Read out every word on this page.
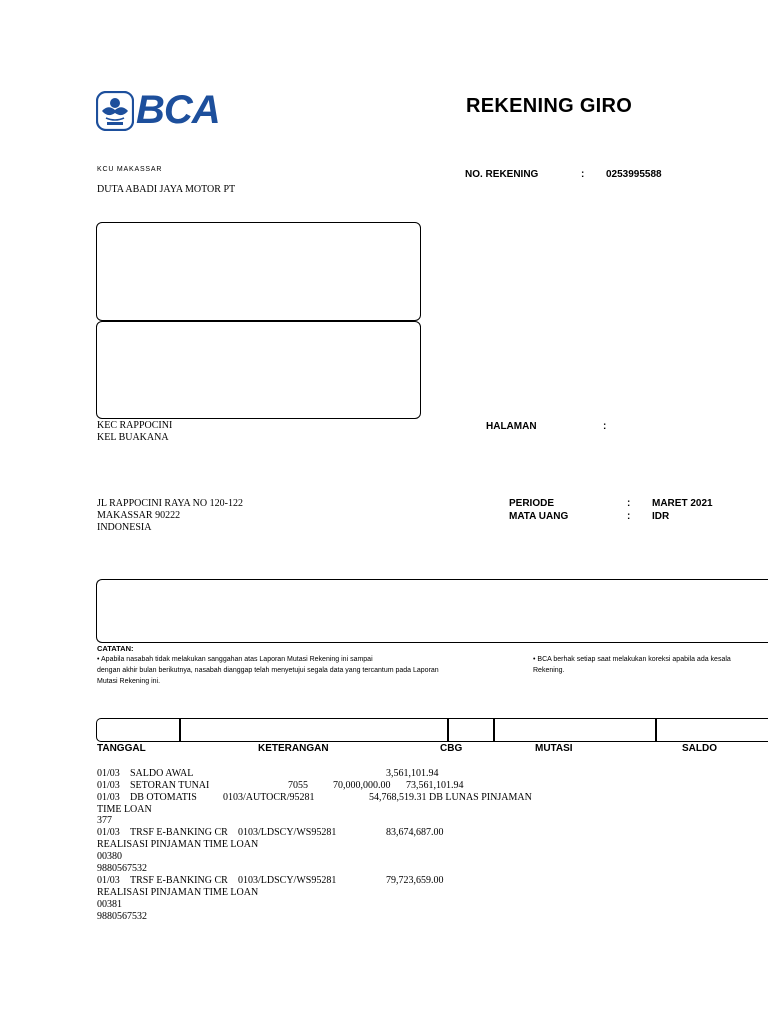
BCA	REKENING GIRO
KCU MAKASSAR
DUTA ABADI JAYA MOTOR PT
NO. REKENING	: 0253995588
KEC RAPPOCINI
KEL BUAKANA
HALAMAN	:
JL RAPPOCINI RAYA NO 120-122
MAKASSAR 90222
INDONESIA
PERIODE	: MARET 2021
MATA UANG	: IDR
CATATAN:
• Apabila nasabah tidak melakukan sanggahan atas Laporan Mutasi Rekening ini sampai
dengan akhir bulan berikutnya, nasabah dianggap telah menyetujui segala data yang tercantum pada Laporan
Mutasi Rekening ini.
• BCA berhak setiap saat melakukan koreksi apabila ada kesala
Rekening.
TANGGAL	KETERANGAN	CBG	MUTASI	SALDO
01/03 SALDO AWAL	3,561,101.94
01/03 SETORAN TUNAI	7055	70,000,000.00 73,561,101.94
01/03 DB OTOMATIS	0103/AUTOCR/95281	54,768,519.31 DB LUNAS PINJAMAN
TIME LOAN
377
01/03 TRSF E-BANKING CR 0103/LDSCY/WS95281	83,674,687.00
REALISASI PINJAMAN TIME LOAN
00380
9880567532
01/03 TRSF E-BANKING CR 0103/LDSCY/WS95281	79,723,659.00
REALISASI PINJAMAN TIME LOAN
00381
9880567532
